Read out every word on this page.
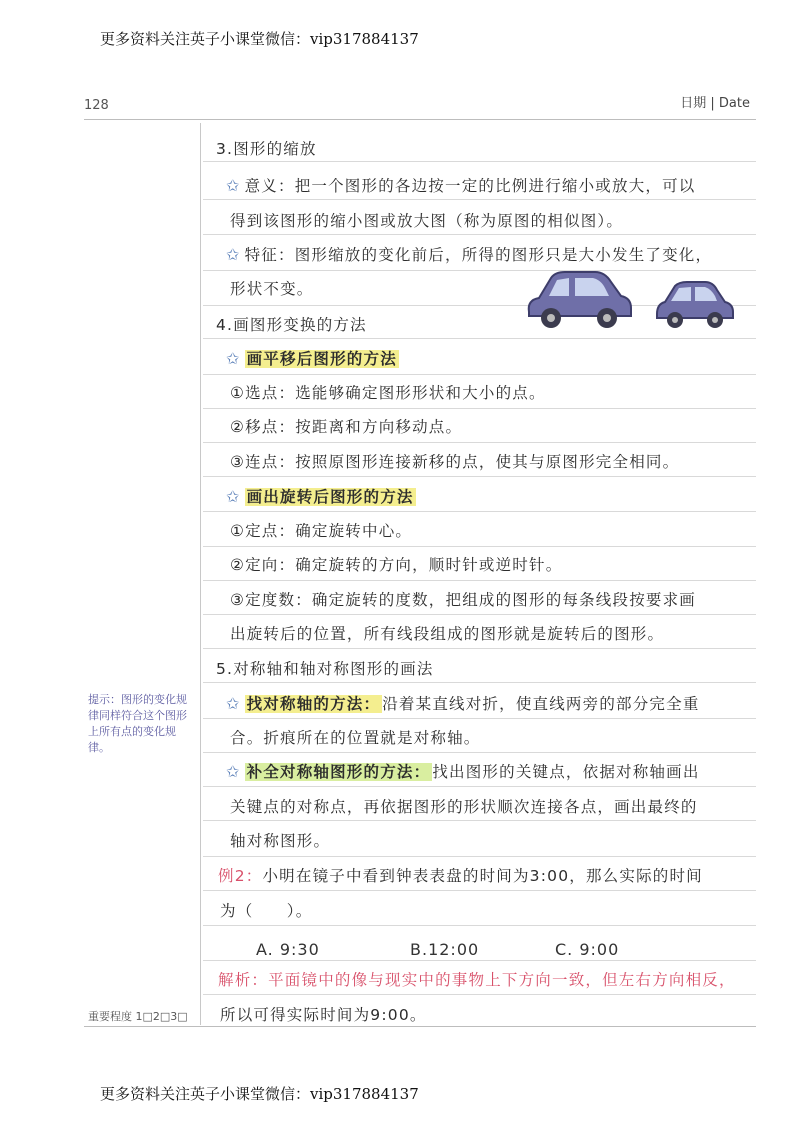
更多资料关注英子小课堂微信：vip317884137
128	日期 | Date
3.图形的缩放
✩ 意义：把一个图形的各边按一定的比例进行缩小或放大，可以
得到该图形的缩小图或放大图（称为原图的相似图）。
✩ 特征：图形缩放的变化前后，所得的图形只是大小发生了变化，
形状不变。
4.画图形变换的方法
✩ 画平移后图形的方法
①选点：选能够确定图形形状和大小的点。
②移点：按距离和方向移动点。
③连点：按照原图形连接新移的点，使其与原图形完全相同。
✩ 画出旋转后图形的方法
①定点：确定旋转中心。
②定向：确定旋转的方向，顺时针或逆时针。
③定度数：确定旋转的度数，把组成的图形的每条线段按要求画
出旋转后的位置，所有线段组成的图形就是旋转后的图形。
5.对称轴和轴对称图形的画法
✩ 找对称轴的方法： 沿着某直线对折，使直线两旁的部分完全重
合。折痕所在的位置就是对称轴。
✩ 补全对称轴图形的方法： 找出图形的关键点，依据对称轴画出
关键点的对称点，再依据图形的形状顺次连接各点，画出最终的
轴对称图形。
例2：小明在镜子中看到钟表表盘的时间为3:00，那么实际的时间
为（　　）。
A. 9:30	B.12:00	C. 9:00
解析：平面镜中的像与现实中的事物上下方向一致，但左右方向相反，
所以可得实际时间为9:00。
提示：图形的变化规律同样符合这个图形上所有点的变化规律。
重要程度 1□2□3□
更多资料关注英子小课堂微信：vip317884137
